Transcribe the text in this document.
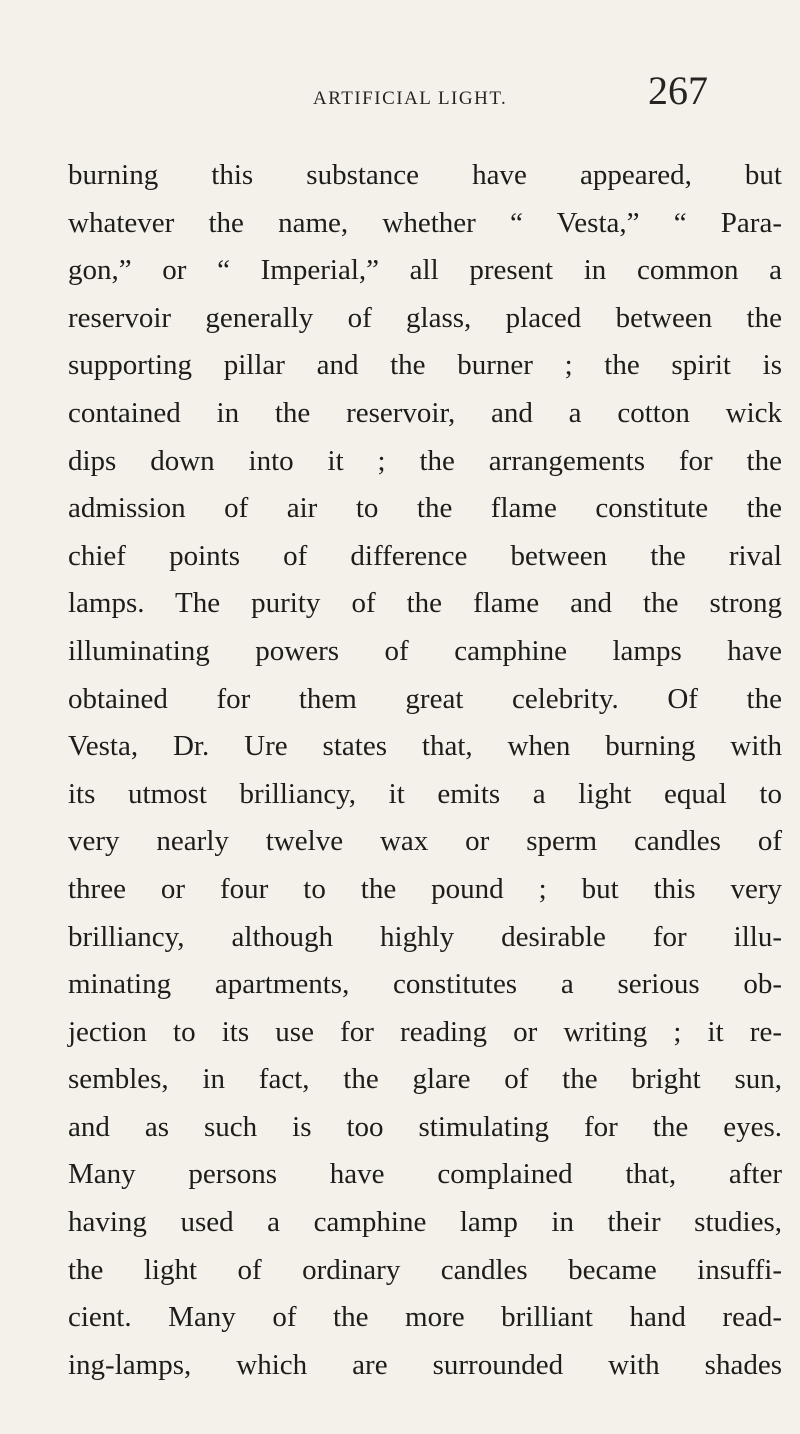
ARTIFICIAL LIGHT.	267
burning this substance have appeared, but
whatever the name, whether “ Vesta,” “ Para-
gon,” or “ Imperial,” all present in common a
reservoir generally of glass, placed between the
supporting pillar and the burner ; the spirit is
contained in the reservoir, and a cotton wick
dips down into it ; the arrangements for the
admission of air to the flame constitute the
chief points of difference between the rival
lamps. The purity of the flame and the strong
illuminating powers of camphine lamps have
obtained for them great celebrity. Of the
Vesta, Dr. Ure states that, when burning with
its utmost brilliancy, it emits a light equal to
very nearly twelve wax or sperm candles of
three or four to the pound ; but this very
brilliancy, although highly desirable for illu-
minating apartments, constitutes a serious ob-
jection to its use for reading or writing ; it re-
sembles, in fact, the glare of the bright sun,
and as such is too stimulating for the eyes.
Many persons have complained that, after
having used a camphine lamp in their studies,
the light of ordinary candles became insuffi-
cient. Many of the more brilliant hand read-
ing-lamps, which are surrounded with shades
